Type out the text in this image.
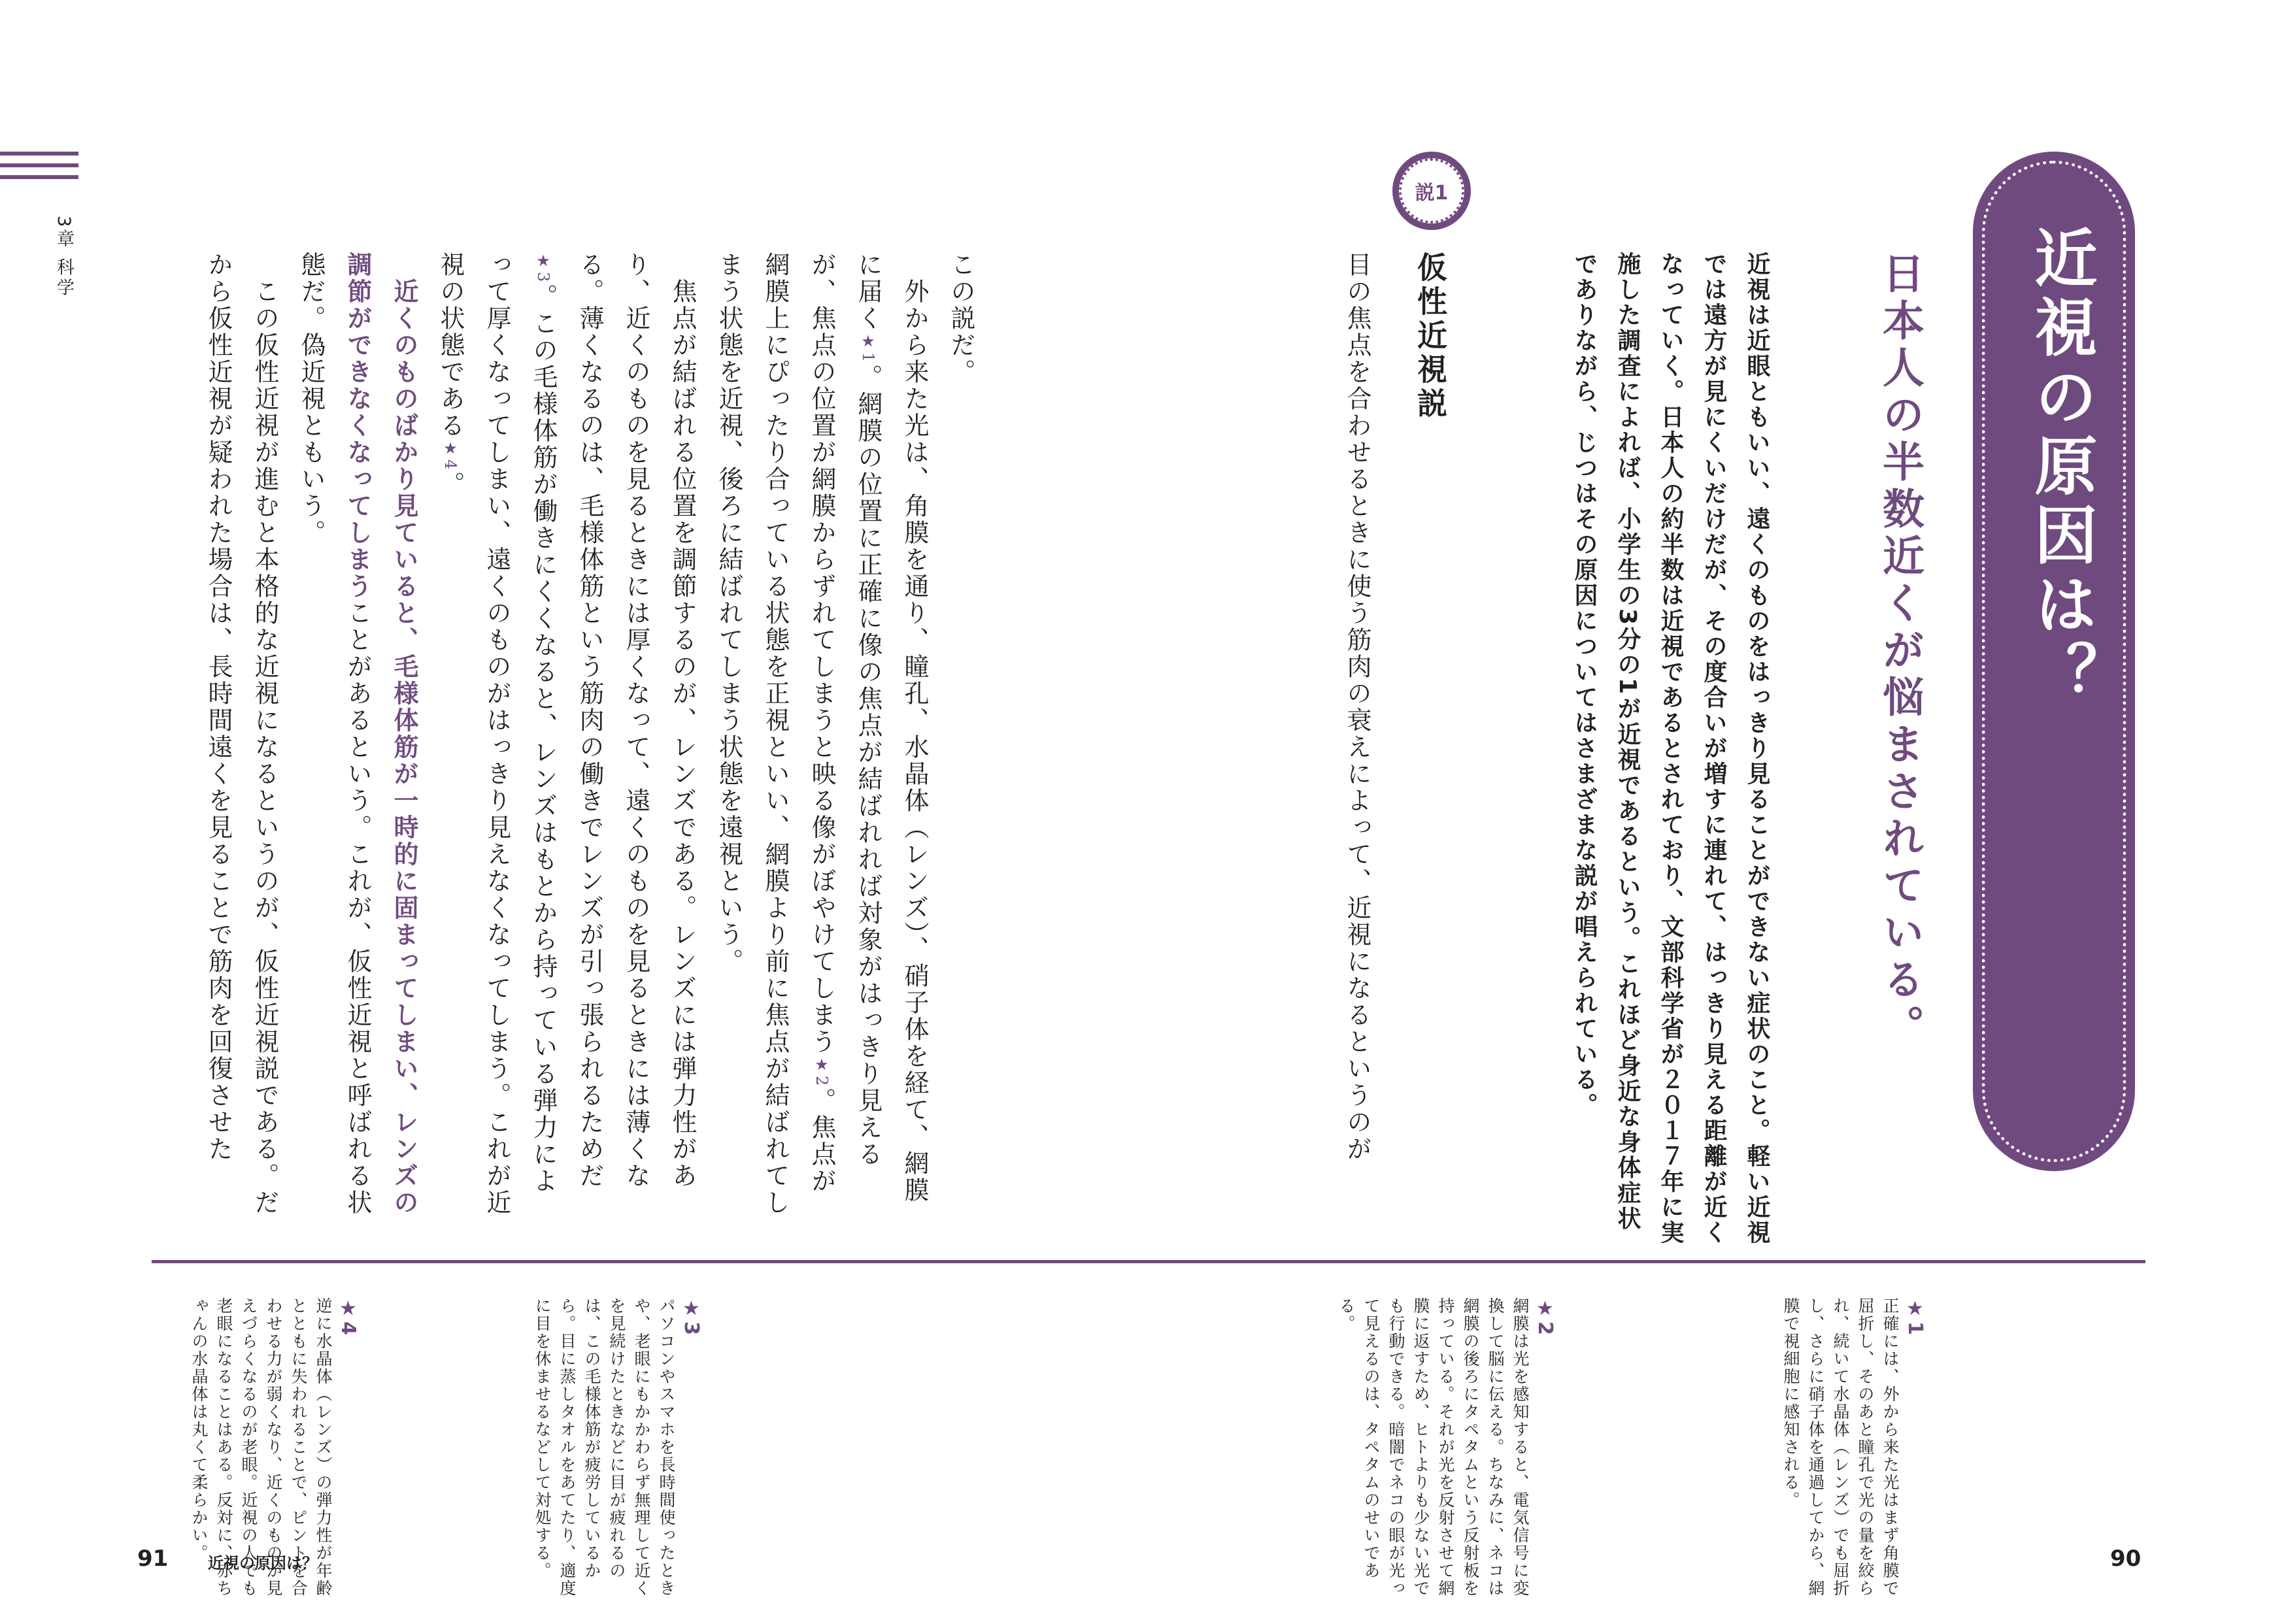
3章 科学	近視の原因は？
日本人の半数近くが悩まされている。
近視は近眼ともいい、遠くのものをはっきり見ることができない症状のこと。軽い近視では遠方が見にくいだけだが、その度合いが増すに連れて、はっきり見える距離が近くなっていく。日本人の約半数は近視であるとされており、文部科学省が２０１７年に実施した調査によれば、小学生の3分の1が近視であるという。これほど身近な身体症状でありながら、じつはその原因についてはさまざまな説が唱えられている。
説1
仮性近視説
目の焦点を合わせるときに使う筋肉の衰えによって、近視になるというのが

この説だ。

　外から来た光は、角膜を通り、瞳孔、水晶体（レンズ）、硝子体を経て、網膜に届く★1。網膜の位置に正確に像の焦点が結ばれれば対象がはっきり見えるが、焦点の位置が網膜からずれてしまうと映る像がぼやけてしまう★2。焦点が網膜上にぴったり合っている状態を正視といい、網膜より前に焦点が結ばれてしまう状態を近視、後ろに結ばれてしまう状態を遠視という。

　焦点が結ばれる位置を調節するのが、レンズである。レンズには弾力性があり、近くのものを見るときには厚くなって、遠くのものを見るときには薄くなる。薄くなるのは、毛様体筋という筋肉の働きでレンズが引っ張られるためだ★3。この毛様体筋が働きにくくなると、レンズはもとから持っている弾力によって厚くなってしまい、遠くのものがはっきり見えなくなってしまう。これが近視の状態である★4。

　近くのものばかり見ていると、毛様体筋が一時的に固まってしまい、レンズの調節ができなくなってしまうことがあるという。これが、仮性近視と呼ばれる状態だ。偽近視ともいう。

　この仮性近視が進むと本格的な近視になるというのが、仮性近視説である。だから仮性近視が疑われた場合は、長時間遠くを見ることで筋肉を回復させた

★1
正確には、外から来た光はまず角膜で屈折し、そのあと瞳孔で光の量を絞られ、続いて水晶体（レンズ）でも屈折し、さらに硝子体を通過してから、網膜で視細胞に感知される。
★2
網膜は光を感知すると、電気信号に変換して脳に伝える。ちなみに、ネコは網膜の後ろにタペタムという反射板を持っている。それが光を反射させて網膜に返すため、ヒトよりも少ない光でも行動できる。暗闇でネコの眼が光って見えるのは、タペタムのせいである。
★3
パソコンやスマホを長時間使ったときや、老眼にもかかわらず無理して近くを見続けたときなどに目が疲れるのは、この毛様体筋が疲労しているから。目に蒸しタオルをあてたり、適度に目を休ませるなどして対処する。
★4
逆に水晶体（レンズ）の弾力性が年齢とともに失われることで、ピントを合わせる力が弱くなり、近くのものが見えづらくなるのが老眼。近視の人でも老眼になることはある。反対に、赤ちゃんの水晶体は丸くて柔らかい。
91	近視の原因は？	90
